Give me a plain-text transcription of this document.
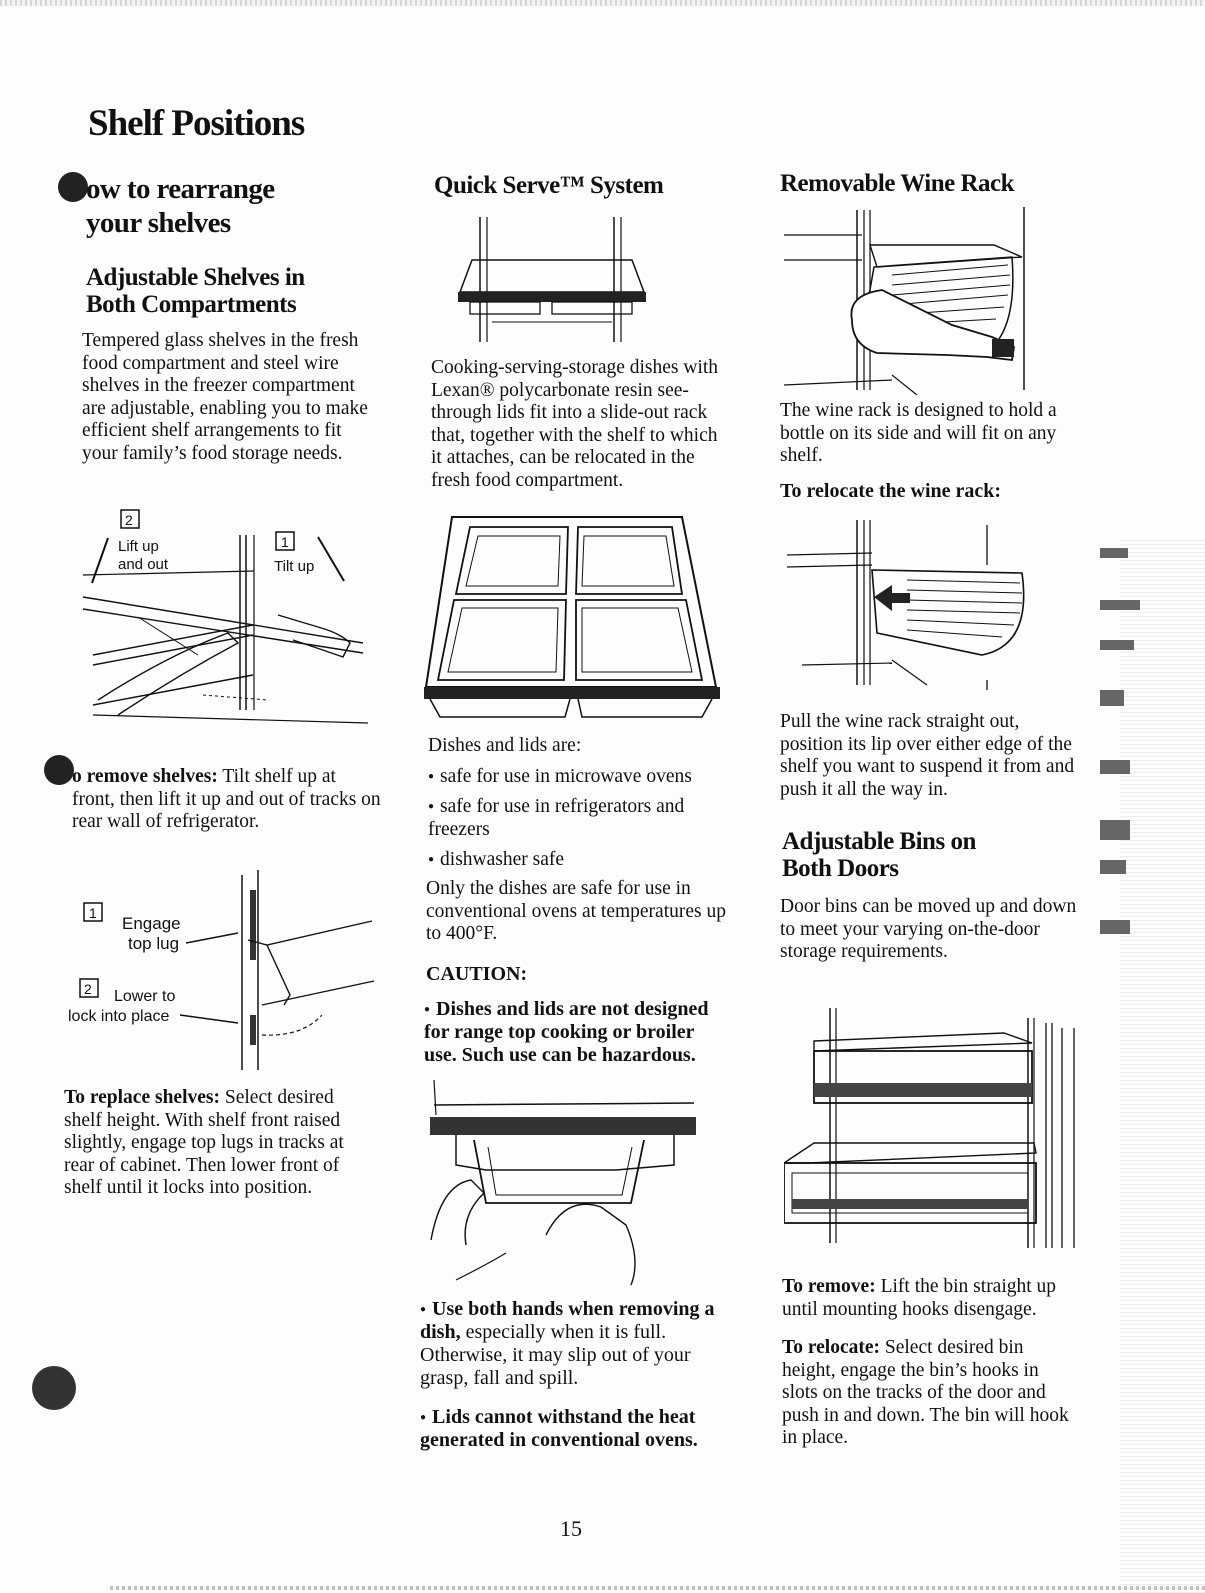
Shelf Positions
ow to rearrange
your shelves
Adjustable Shelves in
Both Compartments

Tempered glass shelves in the fresh food compartment and steel wire shelves in the freezer compartment are adjustable, enabling you to make efficient shelf arrangements to fit your family’s food storage needs.

2
Lift up
and out
1
Tilt up

o remove shelves: Tilt shelf up at front, then lift it up and out of tracks on rear wall of refrigerator.

1
Engage
top lug
2 Lower to
lock into place

To replace shelves: Select desired shelf height. With shelf front raised slightly, engage top lugs in tracks at rear of cabinet. Then lower front of shelf until it locks into position.

Quick Serve™ System

Cooking-serving-storage dishes with Lexan® polycarbonate resin see-through lids fit into a slide-out rack that, together with the shelf to which it attaches, can be relocated in the fresh food compartment.

Dishes and lids are:

● safe for use in microwave ovens

● safe for use in refrigerators and freezers

● dishwasher safe

Only the dishes are safe for use in conventional ovens at temperatures up to 400°F.

CAUTION:

● Dishes and lids are not designed for range top cooking or broiler use. Such use can be hazardous.

● Use both hands when removing a dish, especially when it is full. Otherwise, it may slip out of your grasp, fall and spill.

● Lids cannot withstand the heat generated in conventional ovens.

15

Removable Wine Rack

The wine rack is designed to hold a bottle on its side and will fit on any shelf.

To relocate the wine rack:

Pull the wine rack straight out, position its lip over either edge of the shelf you want to suspend it from and push it all the way in.

Adjustable Bins on
Both Doors

Door bins can be moved up and down to meet your varying on-the-door storage requirements.

To remove: Lift the bin straight up until mounting hooks disengage.

To relocate: Select desired bin height, engage the bin’s hooks in slots on the tracks of the door and push in and down. The bin will hook in place.
